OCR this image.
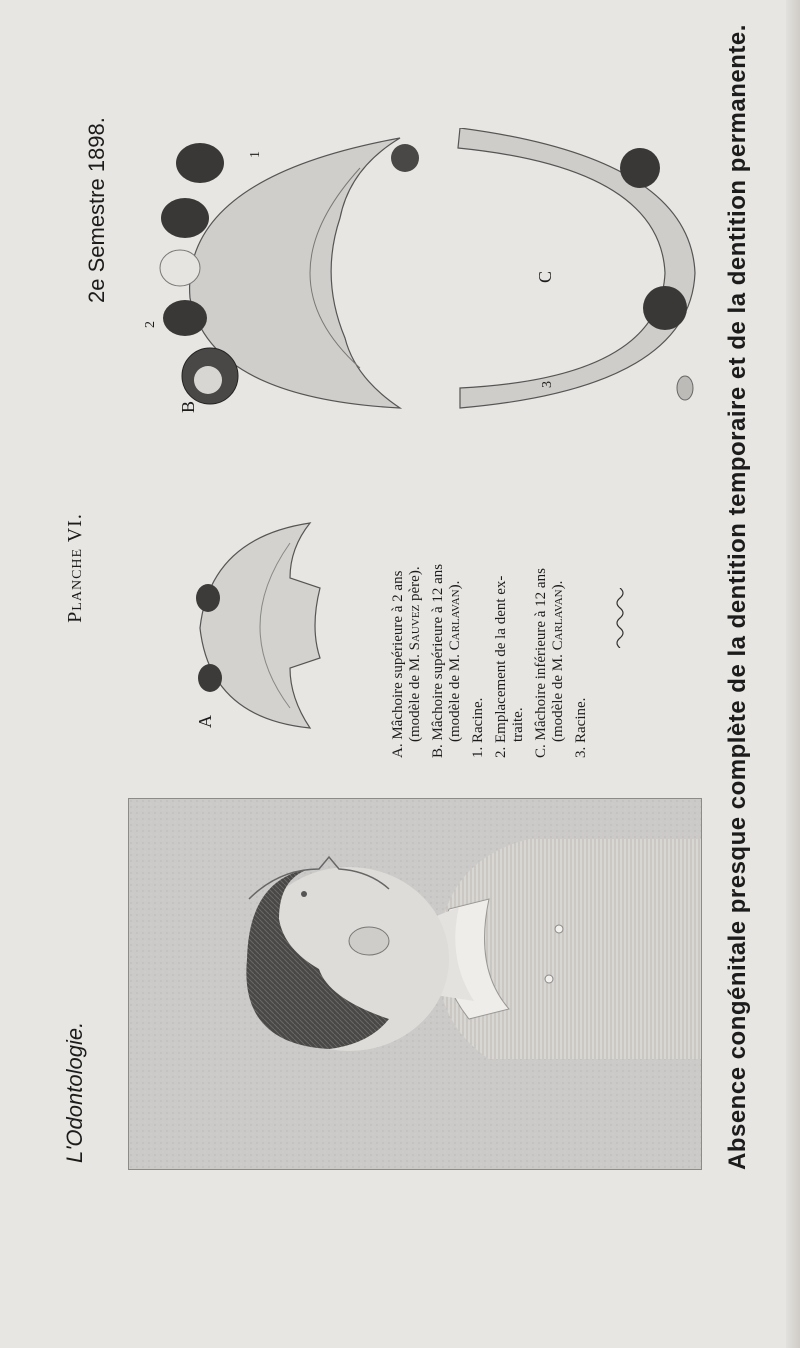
L'Odontologie.
Planche VI.
2e Semestre 1898.
A	A. Mâchoire supérieure à 2 ans (modèle de M. Sauvez père). B. Mâchoire supérieure à 12 ans (modèle de M. Carlavan).

1. Racine. 2. Emplacement de la dent ex- traite. C. Mâchoire inférieure à 12 ans (modèle de M. Carlavan).

3. Racine.

B
1
2
C
3	Absence congénitale presque complète de la dentition temporaire et de la dentition permanente.
